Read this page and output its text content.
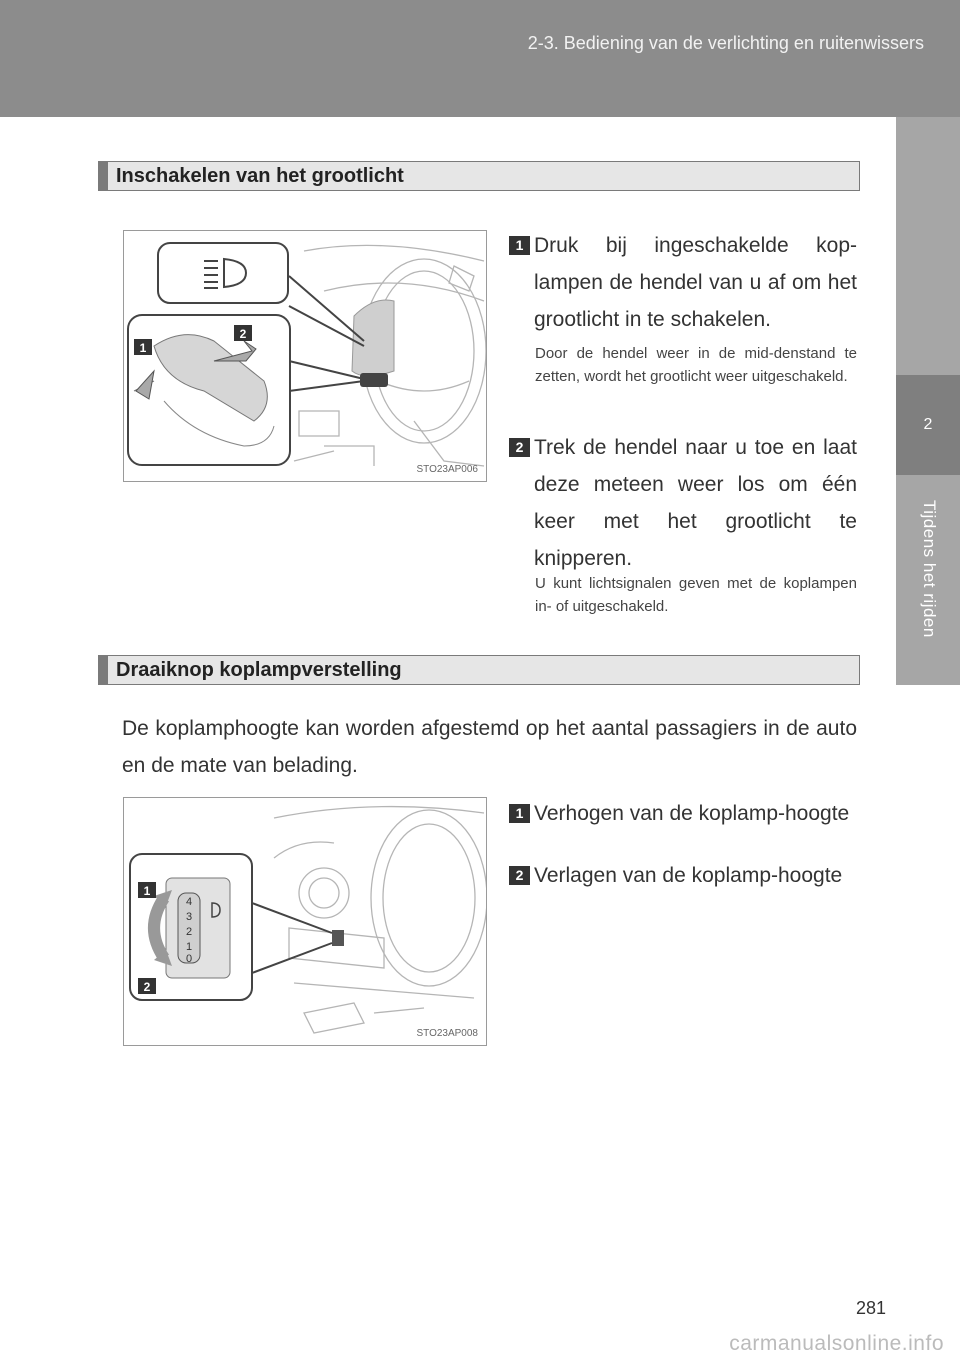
2-3. Bediening van de verlichting en ruitenwissers
2
Tijdens het rijden
Inschakelen van het grootlicht
1
2
STO23AP006
1 Druk bij ingeschakelde kop-lampen de hendel van u af om het grootlicht in te schakelen.
Door de hendel weer in de mid-denstand te zetten, wordt het grootlicht weer uitgeschakeld.
2 Trek de hendel naar u toe en laat deze meteen weer los om één keer met het grootlicht te knipperen.
U kunt lichtsignalen geven met de koplampen in- of uitgeschakeld.
Draaiknop koplampverstelling
De koplamphoogte kan worden afgestemd op het aantal passagiers in de auto en de mate van belading.
4
3
2
1
0
1
2
STO23AP008
1 Verhogen van de koplamp-hoogte
2 Verlagen van de koplamp-hoogte
281
carmanualsonline.info
